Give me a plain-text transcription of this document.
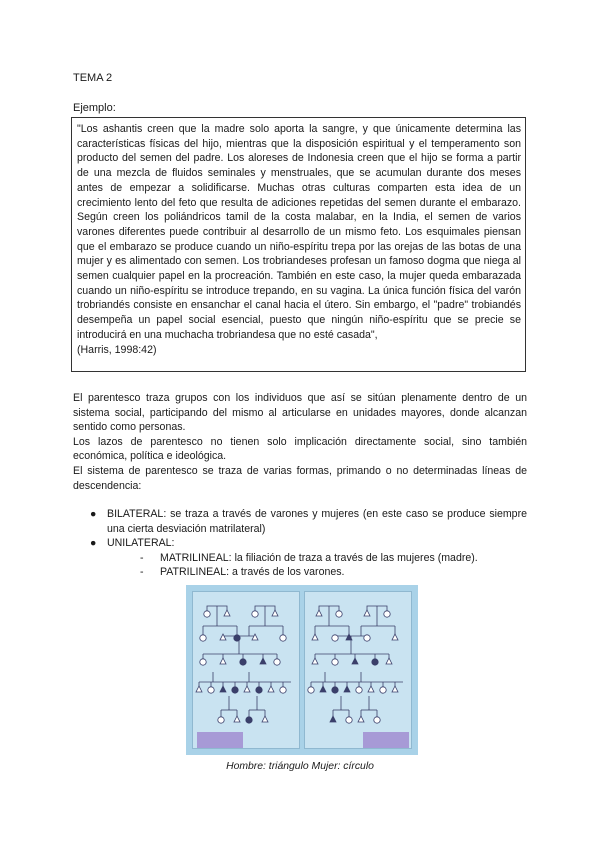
TEMA 2
Ejemplo:

"Los ashantis creen que la madre solo aporta la sangre, y que únicamente determina las características físicas del hijo, mientras que la disposición espiritual y el temperamento son producto del semen del padre. Los aloreses de Indonesia creen que el hijo se forma a partir de una mezcla de fluidos seminales y menstruales, que se acumulan durante dos meses antes de empezar a solidificarse. Muchas otras culturas comparten esta idea de un crecimiento lento del feto que resulta de adiciones repetidas del semen durante el embarazo. Según creen los poliándricos tamil de la costa malabar, en la India, el semen de varios varones diferentes puede contribuir al desarrollo de un mismo feto. Los esquimales piensan que el embarazo se produce cuando un niño-espíritu trepa por las orejas de las botas de una mujer y es alimentado con semen. Los trobriandeses profesan un famoso dogma que niega al semen cualquier papel en la procreación. También en este caso, la mujer queda embarazada cuando un niño-espíritu se introduce trepando, en su vagina. La única función física del varón trobriandés consiste en ensanchar el canal hacia el útero. Sin embargo, el "padre" trobiandés desempeña un papel social esencial, puesto que ningún niño-espíritu que se precie se introducirá en una muchacha trobriandesa que no esté casada",

(Harris, 1998:42)

El parentesco traza grupos con los individuos que así se sitúan plenamente dentro de un sistema social, participando del mismo al articularse en unidades mayores, donde alcanzan sentido como personas.

Los lazos de parentesco no tienen solo implicación directamente social, sino también económica, política e ideológica.

El sistema de parentesco se traza de varias formas, primando o no determinadas líneas de descendencia:

● BILATERAL: se traza a través de varones y mujeres (en este caso se produce siempre una cierta desviación matrilateral)
● UNILATERAL:
- MATRILINEAL: la filiación de traza a través de las mujeres (madre).
- PATRILINEAL: a través de los varones.
Hombre: triángulo Mujer: círculo
